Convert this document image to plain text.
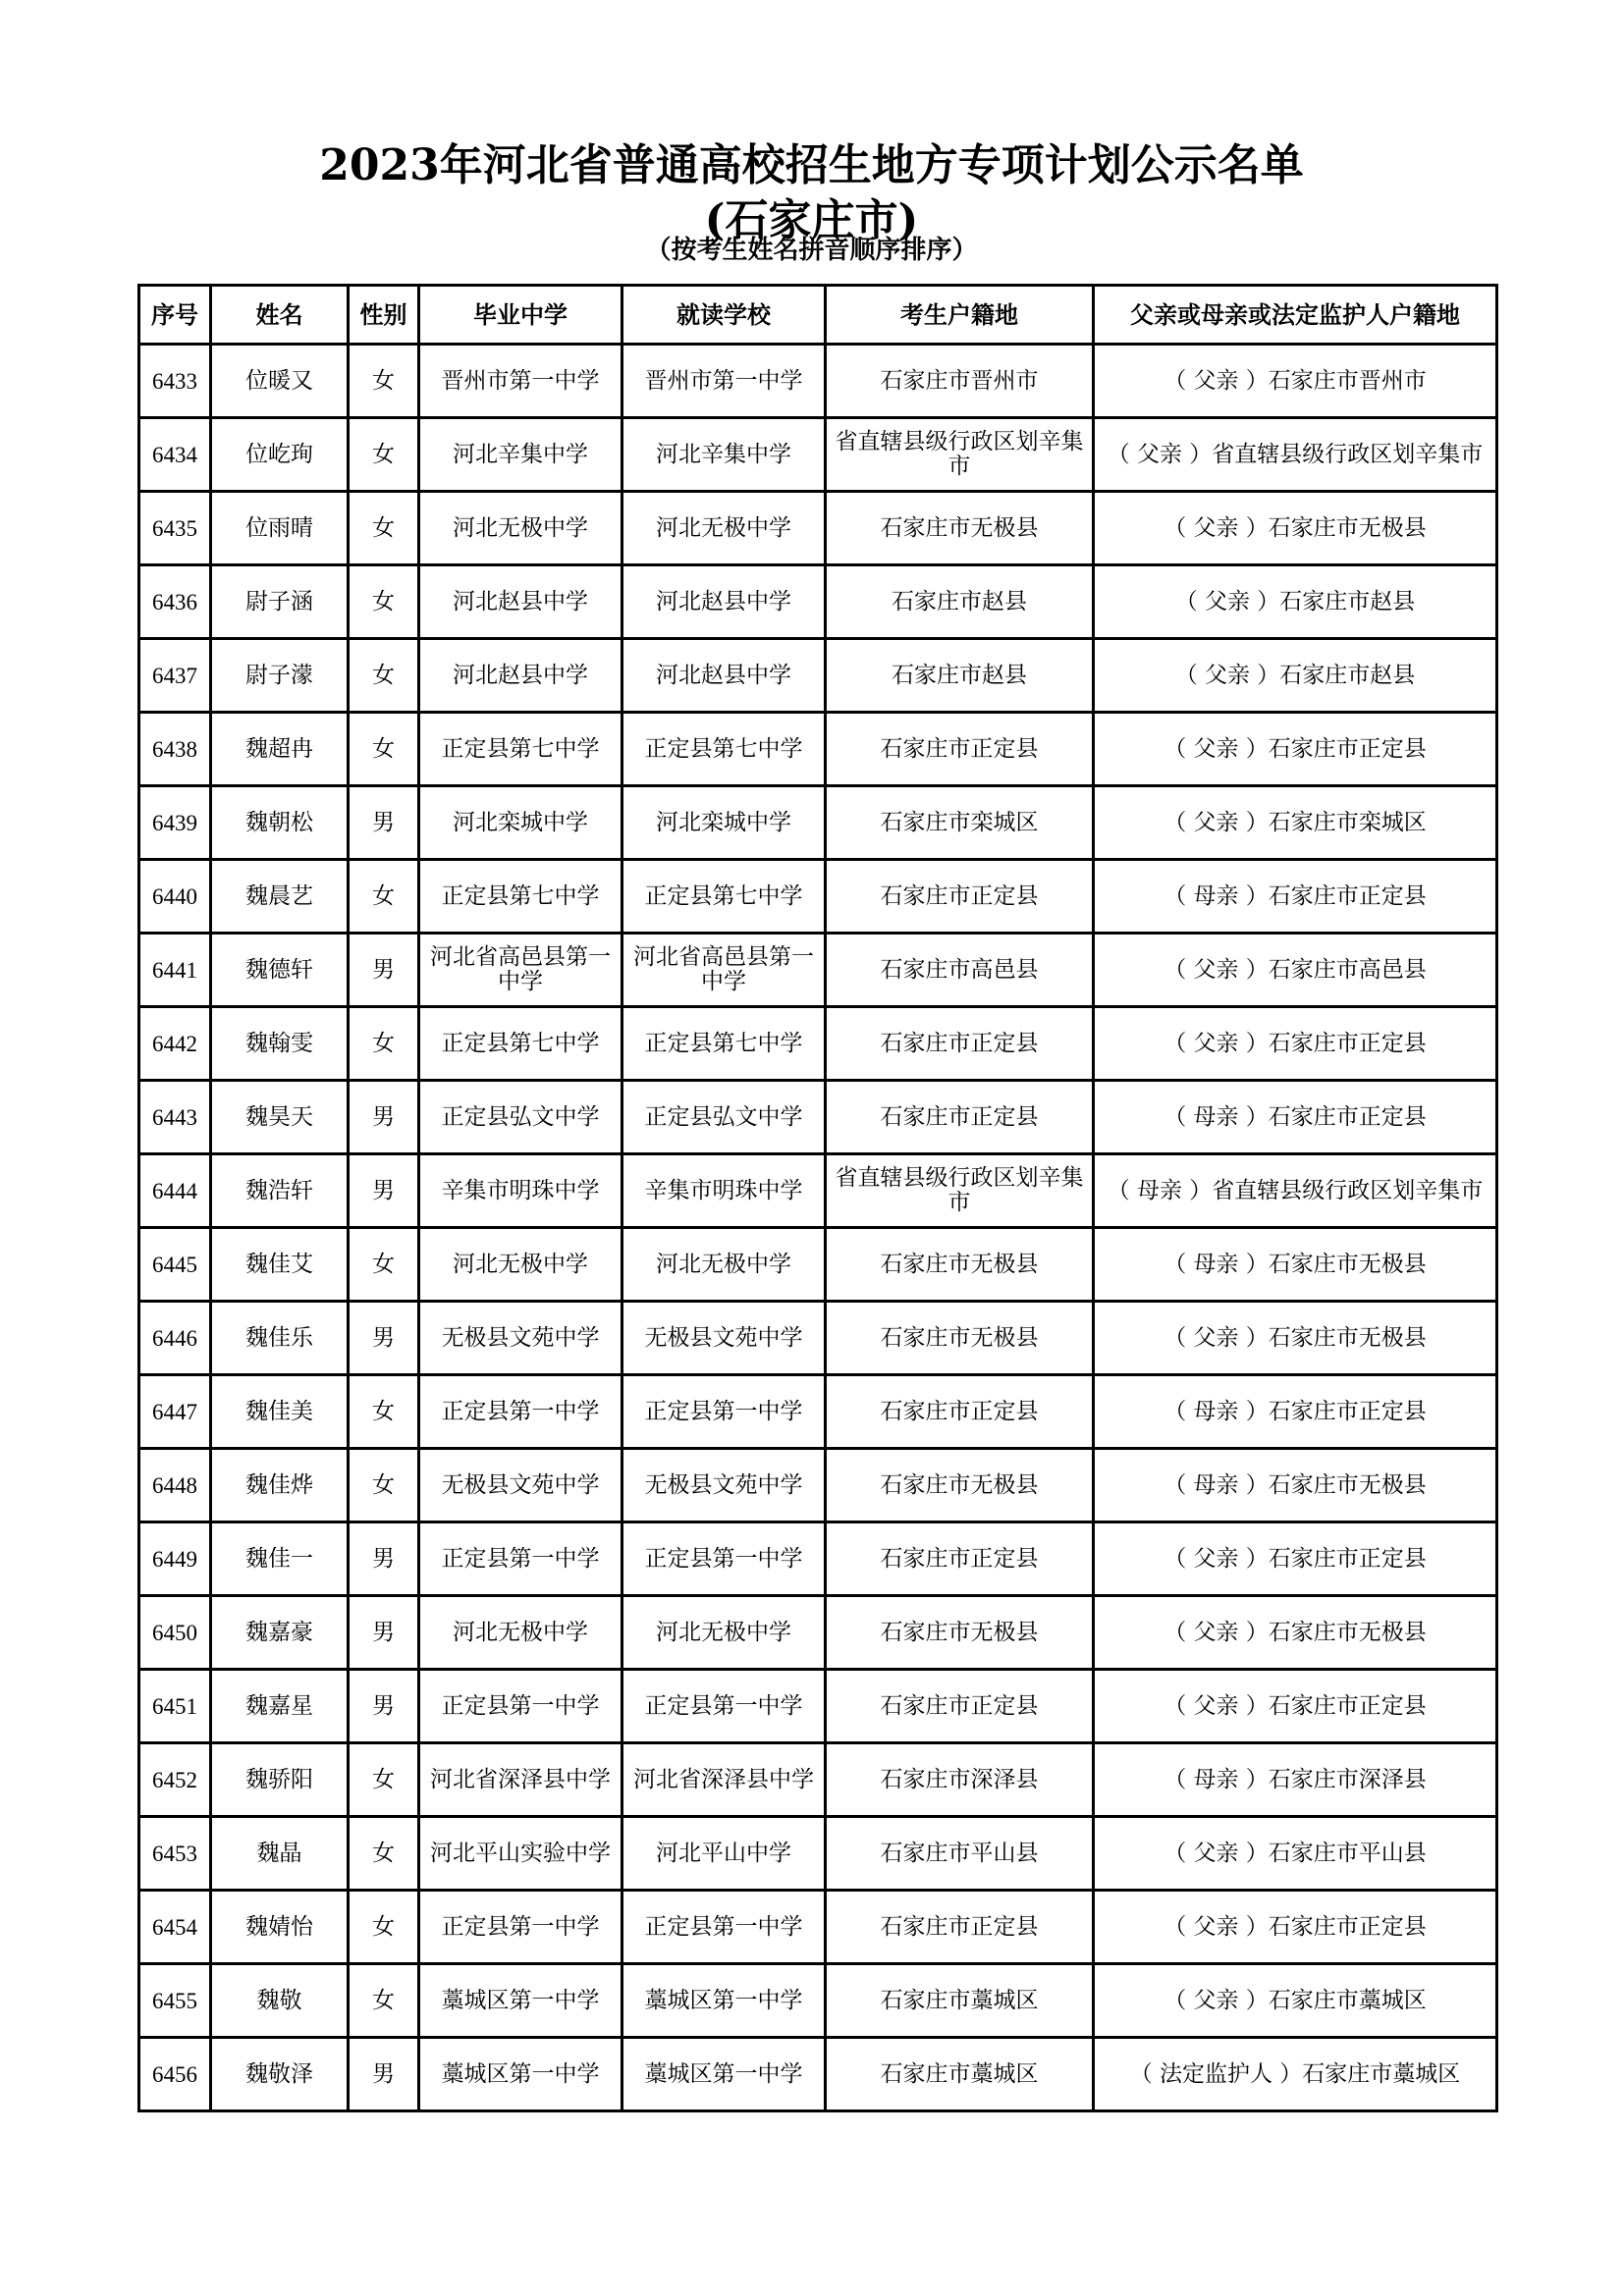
2023年河北省普通高校招生地方专项计划公示名单
(石家庄市)
（按考生姓名拼音顺序排序）
序号	姓名	性别	毕业中学	就读学校	考生户籍地	父亲或母亲或法定监护人户籍地
6433	位暖又	女	晋州市第一中学	晋州市第一中学	石家庄市晋州市	（ 父亲 ）石家庄市晋州市
6434	位屹珣	女	河北辛集中学	河北辛集中学	省直辖县级行政区划辛集市	（ 父亲 ）省直辖县级行政区划辛集市
6435	位雨晴	女	河北无极中学	河北无极中学	石家庄市无极县	（ 父亲 ）石家庄市无极县
6436	尉子涵	女	河北赵县中学	河北赵县中学	石家庄市赵县	（ 父亲 ）石家庄市赵县
6437	尉子濛	女	河北赵县中学	河北赵县中学	石家庄市赵县	（ 父亲 ）石家庄市赵县
6438	魏超冉	女	正定县第七中学	正定县第七中学	石家庄市正定县	（ 父亲 ）石家庄市正定县
6439	魏朝松	男	河北栾城中学	河北栾城中学	石家庄市栾城区	（ 父亲 ）石家庄市栾城区
6440	魏晨艺	女	正定县第七中学	正定县第七中学	石家庄市正定县	（ 母亲 ）石家庄市正定县
6441	魏德轩	男	河北省高邑县第一中学	河北省高邑县第一中学	石家庄市高邑县	（ 父亲 ）石家庄市高邑县
6442	魏翰雯	女	正定县第七中学	正定县第七中学	石家庄市正定县	（ 父亲 ）石家庄市正定县
6443	魏昊天	男	正定县弘文中学	正定县弘文中学	石家庄市正定县	（ 母亲 ）石家庄市正定县
6444	魏浩轩	男	辛集市明珠中学	辛集市明珠中学	省直辖县级行政区划辛集市	（ 母亲 ）省直辖县级行政区划辛集市
6445	魏佳艾	女	河北无极中学	河北无极中学	石家庄市无极县	（ 母亲 ）石家庄市无极县
6446	魏佳乐	男	无极县文苑中学	无极县文苑中学	石家庄市无极县	（ 父亲 ）石家庄市无极县
6447	魏佳美	女	正定县第一中学	正定县第一中学	石家庄市正定县	（ 母亲 ）石家庄市正定县
6448	魏佳烨	女	无极县文苑中学	无极县文苑中学	石家庄市无极县	（ 母亲 ）石家庄市无极县
6449	魏佳一	男	正定县第一中学	正定县第一中学	石家庄市正定县	（ 父亲 ）石家庄市正定县
6450	魏嘉豪	男	河北无极中学	河北无极中学	石家庄市无极县	（ 父亲 ）石家庄市无极县
6451	魏嘉星	男	正定县第一中学	正定县第一中学	石家庄市正定县	（ 父亲 ）石家庄市正定县
6452	魏骄阳	女	河北省深泽县中学	河北省深泽县中学	石家庄市深泽县	（ 母亲 ）石家庄市深泽县
6453	魏晶	女	河北平山实验中学	河北平山中学	石家庄市平山县	（ 父亲 ）石家庄市平山县
6454	魏婧怡	女	正定县第一中学	正定县第一中学	石家庄市正定县	（ 父亲 ）石家庄市正定县
6455	魏敬	女	藁城区第一中学	藁城区第一中学	石家庄市藁城区	（ 父亲 ）石家庄市藁城区
6456	魏敬泽	男	藁城区第一中学	藁城区第一中学	石家庄市藁城区	（ 法定监护人 ）石家庄市藁城区
